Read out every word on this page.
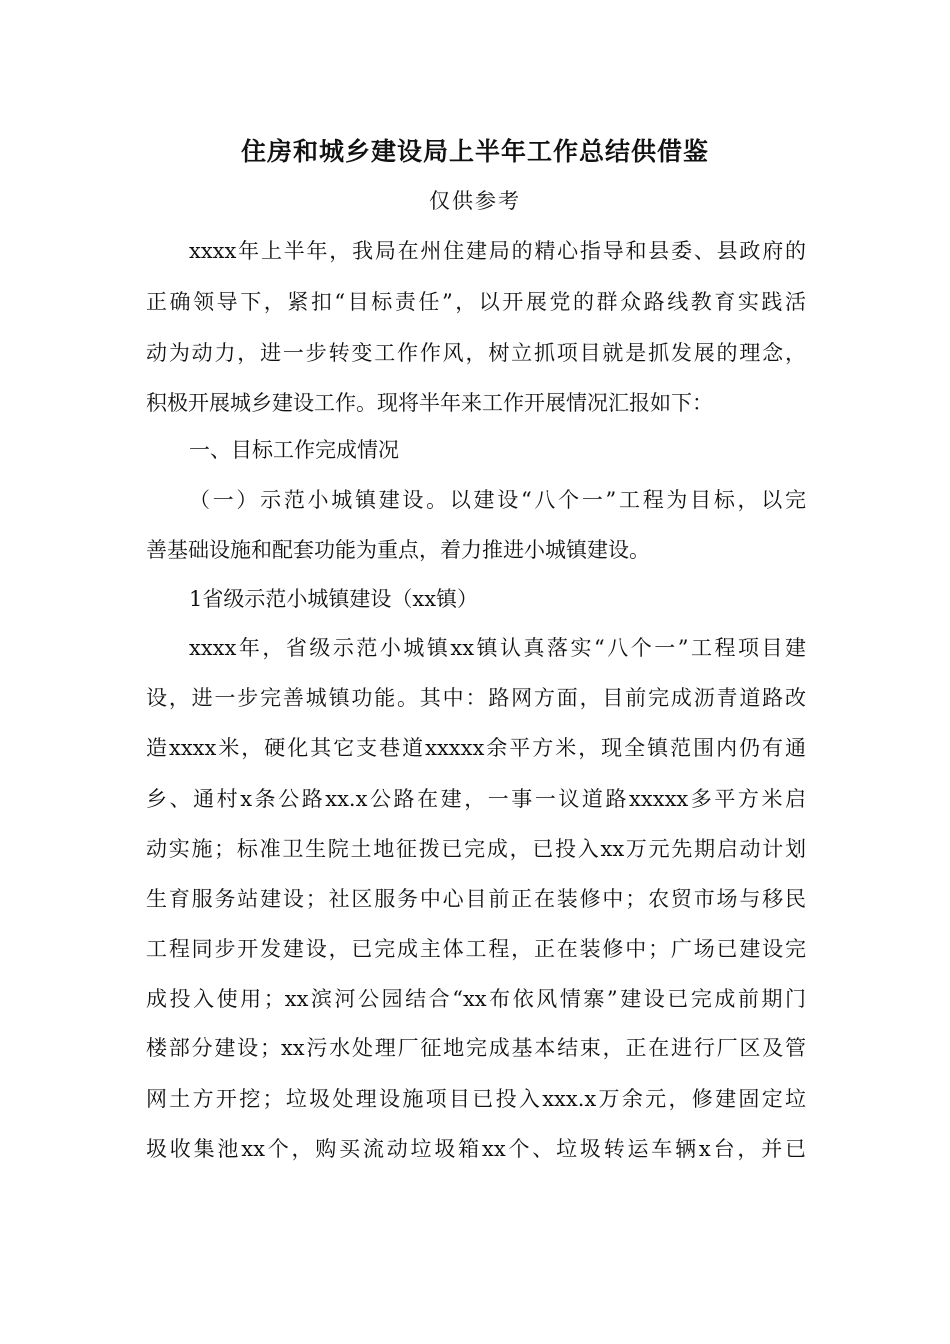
住房和城乡建设局上半年工作总结供借鉴
仅供参考
xxxx年上半年，我局在州住建局的精心指导和县委、县政府的
正确领导下，紧扣“目标责任”，以开展党的群众路线教育实践活
动为动力，进一步转变工作作风，树立抓项目就是抓发展的理念，
积极开展城乡建设工作。现将半年来工作开展情况汇报如下：
一、目标工作完成情况
（一）示范小城镇建设。以建设“八个一”工程为目标，以完
善基础设施和配套功能为重点，着力推进小城镇建设。
1省级示范小城镇建设（xx镇）
xxxx年，省级示范小城镇xx镇认真落实“八个一”工程项目建
设，进一步完善城镇功能。其中：路网方面，目前完成沥青道路改
造xxxx米，硬化其它支巷道xxxxx余平方米，现全镇范围内仍有通
乡、通村x条公路xx.x公路在建，一事一议道路xxxxx多平方米启
动实施；标准卫生院土地征拨已完成，已投入xx万元先期启动计划
生育服务站建设；社区服务中心目前正在装修中；农贸市场与移民
工程同步开发建设，已完成主体工程，正在装修中；广场已建设完
成投入使用；xx滨河公园结合“xx布依风情寨”建设已完成前期门
楼部分建设；xx污水处理厂征地完成基本结束，正在进行厂区及管
网土方开挖；垃圾处理设施项目已投入xxx.x万余元，修建固定垃
圾收集池xx个，购买流动垃圾箱xx个、垃圾转运车辆x台，并已
